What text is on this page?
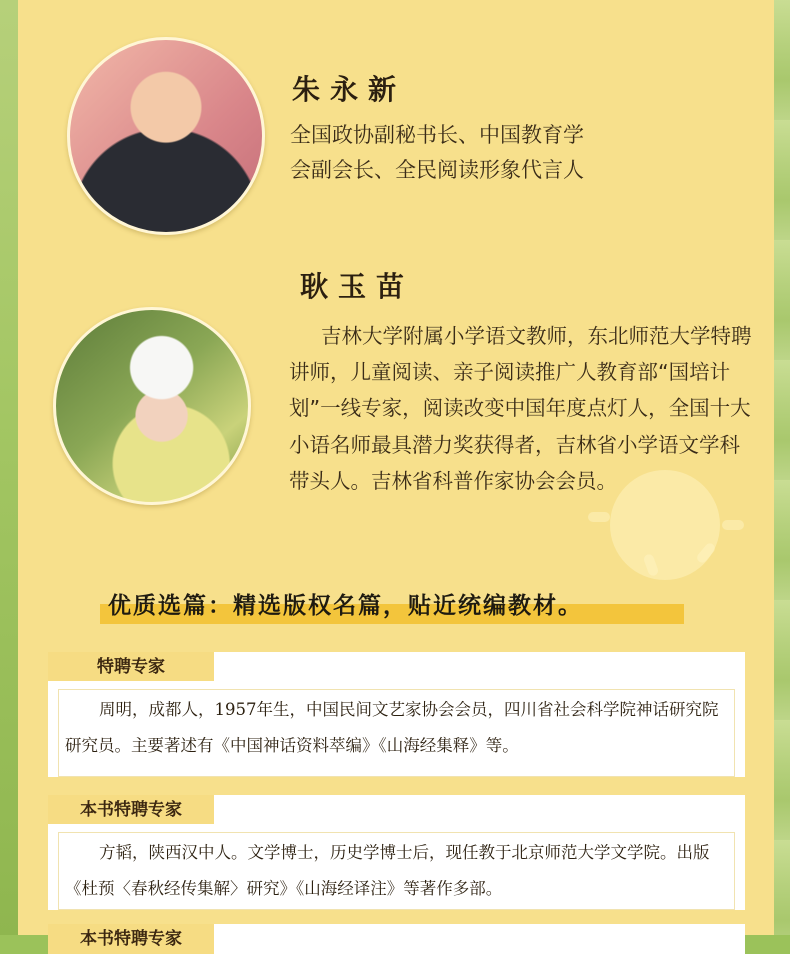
朱永新
全国政协副秘书长、中国教育学
会副会长、全民阅读形象代言人
耿玉苗
吉林大学附属小学语文教师，东北师范大学特聘讲师，儿童阅读、亲子阅读推广人教育部“国培计划”一线专家，阅读改变中国年度点灯人，全国十大小语名师最具潜力奖获得者，吉林省小学语文学科带头人。吉林省科普作家协会会员。
优质选篇：精选版权名篇，贴近统编教材。
特聘专家
周明，成都人，1957年生，中国民间文艺家协会会员，四川省社会科学院神话研究院研究员。主要著述有《中国神话资料萃编》《山海经集释》等。
本书特聘专家
方韬，陕西汉中人。文学博士，历史学博士后，现任教于北京师范大学文学院。出版《杜预〈春秋经传集解〉研究》《山海经译注》等著作多部。
本书特聘专家
